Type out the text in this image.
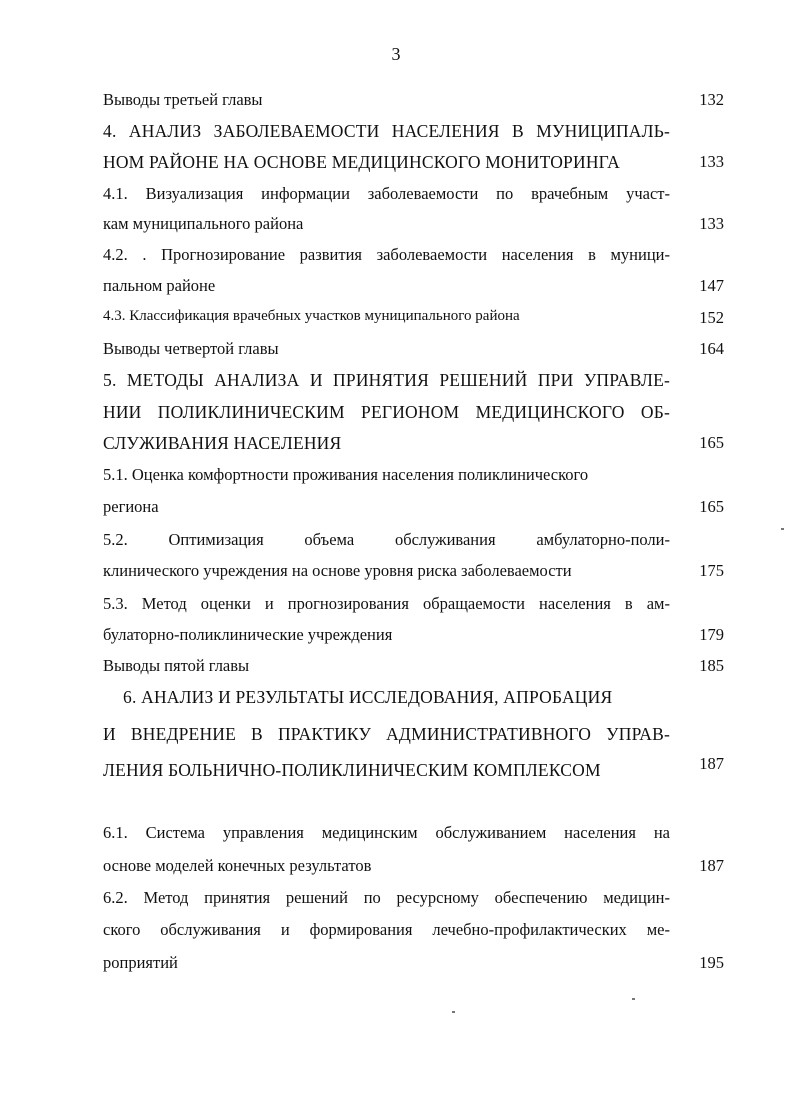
3
Выводы третьей главы	132
4. АНАЛИЗ ЗАБОЛЕВАЕМОСТИ НАСЕЛЕНИЯ В МУНИЦИПАЛЬ-
НОМ РАЙОНЕ НА ОСНОВЕ МЕДИЦИНСКОГО МОНИТОРИНГА	133
4.1. Визуализация информации заболеваемости по врачебным участ-
кам муниципального района	133
4.2. . Прогнозирование развития заболеваемости населения в муници-
пальном районе	147
4.3. Классификация врачебных участков муниципального района	152
Выводы четвертой главы	164
5. МЕТОДЫ АНАЛИЗА И ПРИНЯТИЯ РЕШЕНИЙ ПРИ УПРАВЛЕ-
НИИ ПОЛИКЛИНИЧЕСКИМ РЕГИОНОМ МЕДИЦИНСКОГО ОБ-
СЛУЖИВАНИЯ НАСЕЛЕНИЯ	165
5.1. Оценка комфортности проживания населения поликлинического
региона	165
5.2. Оптимизация объема обслуживания амбулаторно-поли-
клинического учреждения на основе уровня риска заболеваемости	175
5.3. Метод оценки и прогнозирования обращаемости населения в ам-
булаторно-поликлинические учреждения	179
Выводы пятой главы	185
6. АНАЛИЗ И РЕЗУЛЬТАТЫ ИССЛЕДОВАНИЯ, АПРОБАЦИЯ
И ВНЕДРЕНИЕ В ПРАКТИКУ АДМИНИСТРАТИВНОГО УПРАВ-
ЛЕНИЯ БОЛЬНИЧНО-ПОЛИКЛИНИЧЕСКИМ КОМПЛЕКСОМ	187
6.1. Система управления медицинским обслуживанием населения на
основе моделей конечных результатов	187
6.2. Метод принятия решений по ресурсному обеспечению медицин-
ского обслуживания и формирования лечебно-профилактических ме-
роприятий	195
